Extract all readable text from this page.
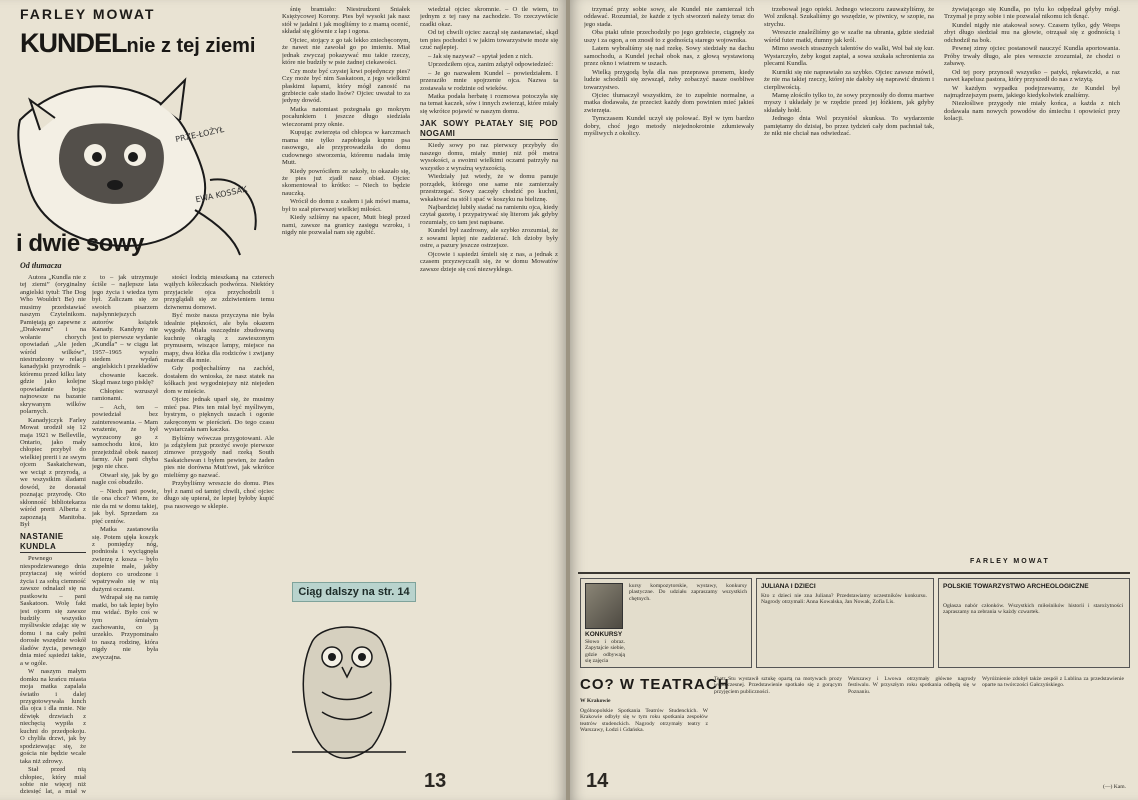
FARLEY MOWAT
KUNDELnie z tej ziemi
PRZE-ŁOŻYŁ
EWA KOSSAK
i dwie sowy
Od tłumacza

Autora „Kundla nie z tej ziemi” (oryginalny angielski tytuł: The Dog Who Wouldn't Be) nie musimy przedstawiać naszym Czytelnikom. Pamiętają go zapewne z „Drakwanu” i na wołanie chorych opowiadań „Ale jeden wśród wilków”, niestrudzony w relacji kanadyjski przyrodnik – któremu przed kilku laty gdzie jako kolejne opowiadanie bojąc najnowsze na bazanie skrywanym wilków polarnych.

Kanadyjczyk Farley Mowat urodził się 12 maja 1921 w Belleville, Ontario, jako mały chłopiec przybył do wielkiej prerii i ze swym ojcem Saskatchewan, we wciąż z przyrodą, a we wszystkim śladami dowód, że dorastał poznając przyrodę. Oto skłonność bibliotekarza wśród prerii Alberta z zapoznają Manitoba. Był

NASTANIE KUNDLA

Pewnego niespodziewanego dnia przytaczaj się wśród życia i za sobą ciemność zawsze odnalazł się na pustkowiu – pani Saskatoon. Wolę fakt jest ojcem się zawsze budziły wszystko myśliwskie zdając się w domu i na cały pełni dorosłe wszędzie wokół śladów życia, pewnego dnia mieć sąsiedzi takie, a w ogóle.

W naszym małym domku na krańcu miasta moja matka zapalała światło i dalej przygotowywała lunch dla ojca i dla mnie. Nie dźwięk drzwiach z niechęcią wypiła z kuchni do przedpokoju. O chyliła drzwi, jak by spodziewając się, że gościa nie będzie wcale taka niż zdrowy.

Stał przed nią chłopiec, który miał sobie nie więcej niż dziesięć lat, a miał w

to – jak utrzymuje ściśle – najlepsze lata jego życia i wiedza tym był. Zaliczam się ze swoich pisarzem najsłynniejszych autorów książek Kanady. Kandyny nie jest to pierwsze wydanie „Kundla” – w ciągu lat 1957–1965 wyszło siedem wydań angielskich i przekładów

chowanie kaczek. Skąd masz tego pisklę?

Chłopiec wzruszył ramionami.

– Ach, ten – powiedział bez zainteresowania. – Mam wrażenie, że był wyrzucony go z samochodu ktoś, kto przejeżdżał obok naszej farmy. Ale pani chyba jego nie chce.

Otwarł się, jak by go nagle coś obudziło.

– Niech pani powie, ile ona chce? Wiem, że nie da mi w domu takiej, jak był. Sprzedam za pięć centów.

Matka zastanowiła się. Potem ujęła koszyk z pomiędzy nóg, podniosła i wyciągnęła zwierzę z kosza – było zupełnie małe, jakby dopiero co urodzone i wpatrywało się w nią dużymi oczami.

Wdrapał się na ramię matki, bo tak lepiej było mu widać. Było coś w tym śmiałym zachowaniu, co ją urzekło. Przypominało to naszą rodzinę, która nigdy nie była zwyczajna.

stości łodzią mieszkaną na czterech wątłych kółeczkach podwórza. Niektóry przyjaciele ojca przychodzili i przyglądali się ze zdziwieniem temu dziwnemu domowi.

Być może nasza przyczyna nie była idealnie piękności, ale była okazem wygody. Miała oszczędnie zbudowaną kuchnię okrągłą z zawieszonym prymusem, wiszące lampy, miejsce na mapy, dwa łóżka dla rodziców i zwijany materac dla mnie.

Gdy podjechaliśmy na zachód, dostałem do wnioska, że nasz statek na kółkach jest wygodniejszy niż niejeden dom w mieście.

Ojciec jednak uparł się, że musimy mieć psa. Pies ten miał być myśliwym, bystrym, o pięknych uszach i ogonie zakręconym w pierścień. Do tego czasu wystarczała nam kaczka.

Byliśmy wówczas przygotowani. Ale ja zdążyłem już przeżyć swoje pierwsze zimowe przygody nad rzeką South Saskatchewan i byłem pewien, że żaden pies nie dorówna Mutt'owi, jak wkrótce mieliśmy go nazwać.

Przybyliśmy wreszcie do domu. Pies był z nami od tamtej chwili, choć ojciec długo się upierał, że lepiej byłoby kupić psa rasowego w sklepie.

śnię bramiało: Niestrudzeni Śniałek Księżycowej Korony. Pies był wysoki jak nasz stół w jadalni i jak mogliśmy to z mamą ocenić, składał się głównie z łap i ogona.

Ojciec, stojący z go tak lekko zniechęconym, że nawet nie zawołał go po imieniu. Miał jednak zwyczaj pokazywać mu takie rzeczy, które nie budziły w psie żadnej ciekawości.

Czy może być czystej krwi pojedynczy pies? Czy może być nim Saskatoon, z jego wielkimi płaskimi łapami, który mógł zanosić na grzbiecie całe stado lisów? Ojciec uważał to za jedyny dowód.

Matka natomiast pożegnała go mokrym pocałunkiem i jeszcze długo siedziała wieczorami przy oknie.

Kupując zwierzęta od chłopca w karczmach mama nie tylko zapobiegła kupnu psa rasowego, ale przyprowadziła do domu cudownego stworzenia, któremu nadała imię Mutt.

Kiedy powróciłem ze szkoły, to okazało się, że pies już zjadł nasz obiad. Ojciec skomentował to krótko: – Niech to będzie nauczką.

Wrócił do domu z szałem i jak mówi mama, był to szał pierwszej wielkiej miłości.

Kiedy szliśmy na spacer, Mutt biegł przed nami, zawsze na granicy zasięgu wzroku, i nigdy nie pozwalał nam się zgubić.

Ciąg dalszy na str. 14

wiedział ojciec skromnie. – O tle wiem, to jednym z tej rasy na zachodzie. To rzeczywiście rzadki okaz.

Od tej chwili ojciec zaczął się zastanawiać, skąd ten pies pochodzi i w jakim towarzystwie może się czuć najlepiej.

– Jak się nazywa? – spytał jeden z nich.

Uprzedziłem ojca, zanim zdążył odpowiedzieć:

– Je go nazwałem Kundel – powiedziałem. I przeraziło mnie spojrzenie ojca. Nazwa ta zostawała w rodzinie od wieków.

Matka podała herbatę i rozmowa potoczyła się na temat kaczek, sów i innych zwierząt, które miały się wkrótce pojawić w naszym domu.

JAK SOWY PŁATAŁY SIĘ POD NOGAMI

Kiedy sowy po raz pierwszy przybyły do naszego domu, miały mniej niż pół metra wysokości, a swoimi wielkimi oczami patrzyły na wszystko z wyraźną wyższością.

Wiedziały już wtedy, że w domu panuje porządek, którego one same nie zamierzały przestrzegać. Sowy zaczęły chodzić po kuchni, wskakiwać na stół i spać w koszyku na bieliznę.

Najbardziej lubiły siadać na ramieniu ojca, kiedy czytał gazetę, i przypatrywać się literom jak gdyby rozumiały, co tam jest napisane.

Kundel był zazdrosny, ale szybko zrozumiał, że z sowami lepiej nie zadzierać. Ich dzioby były ostre, a pazury jeszcze ostrzejsze.

Ojcowie i sąsiedzi śmieli się z nas, a jednak z czasem przyzwyczaili się, że w domu Mowatów zawsze dzieje się coś niezwykłego.

13

trzymać przy sobie sowy, ale Kundel nie zamierzał ich oddawać. Rozumiał, że każde z tych stworzeń należy teraz do jego stada.

Oba ptaki ufnie przechodziły po jego grzbiecie, ciągnęły za uszy i za ogon, a on znosił to z godnością starego wojownika.

Latem wybraliśmy się nad rzekę. Sowy siedziały na dachu samochodu, a Kundel jechał obok nas, z głową wystawioną przez okno i wiatrem w uszach.

Wielką przygodą była dla nas przeprawa promem, kiedy ludzie schodzili się zewsząd, żeby zobaczyć nasze osobliwe towarzystwo.

Ojciec tłumaczył wszystkim, że to zupełnie normalne, a matka dodawała, że przecież każdy dom powinien mieć jakieś zwierzęta.

Tymczasem Kundel uczył się polować. Był w tym bardzo dobry, choć jego metody niejednokrotnie zdumiewały myśliwych z okolicy.

trzebował jego opieki. Jednego wieczoru zauważyliśmy, że Wol zniknął. Szukaliśmy go wszędzie, w piwnicy, w szopie, na strychu.

Wreszcie znaleźliśmy go w szafie na ubrania, gdzie siedział wśród futer matki, dumny jak król.

Mimo swoich strasznych talentów do walki, Wol bał się kur. Wystarczyło, żeby kogut zapiał, a sowa szukała schronienia za plecami Kundla.

Kurniki się nie naprawiało za szybko. Ojciec zawsze mówił, że nie ma takiej rzeczy, której nie dałoby się naprawić drutem i cierpliwością.

Mamę złościło tylko to, że sowy przynosiły do domu martwe myszy i układały je w rzędzie przed jej łóżkiem, jak gdyby składały hołd.

Jednego dnia Wol przyniósł skunksa. To wydarzenie pamiętamy do dzisiaj, bo przez tydzień cały dom pachniał tak, że nikt nie chciał nas odwiedzać.

żywiającego się Kundla, po tylu ko odpędzał gdyby mógł. Trzymał je przy sobie i nie pozwalał nikomu ich tknąć.

Kundel nigdy nie atakował sowy. Czasem tylko, gdy Weeps zbyt długo siedział mu na głowie, otrząsał się z godnością i odchodził na bok.

Pewnej zimy ojciec postanowił nauczyć Kundla aportowania. Próby trwały długo, ale pies wreszcie zrozumiał, że chodzi o zabawę.

Od tej pory przynosił wszystko – patyki, rękawiczki, a raz nawet kapelusz pastora, który przyszedł do nas z wizytą.

W każdym wypadku podejrzewamy, że Kundel był najmądrzejszym psem, jakiego kiedykolwiek znaliśmy.

Niezłośliwe przygody nie miały końca, a każda z nich dodawała nam nowych powodów do śmiechu i opowieści przy kolacji.

FARLEY MOWAT
KONKURSY

Słowo i obraz. Zapytajcie siebie, gdzie odbywają się zajęcia

kursy kompozytorskie, wystawy, konkursy plastyczne. Do udziału zapraszamy wszystkich chętnych.

JULIANA I DZIECI

Kto z dzieci nie zna Juliana? Przedstawiamy uczestników konkursu. Nagrody otrzymali: Anna Kowalska, Jan Nowak, Zofia Lis.

POLSKIE TOWARZYSTWO ARCHEOLOGICZNE

Ogłasza nabór członków. Wszystkich miłośników historii i starożytności zapraszamy na zebrania w każdy czwartek.

CO? W TEATRACH

W Krakowie

Ogólnopolskie Spotkania Teatrów Studenckich. W Krakowie odbyły się w tym roku spotkania zespołów teatrów studenckich. Nagrody otrzymały teatry z Warszawy, Łodzi i Gdańska.

Teatr Stu wystawił sztukę opartą na motywach prozy współczesnej. Przedstawienie spotkało się z gorącym przyjęciem publiczności.

Warszawy i Lwowa otrzymały główne nagrody festiwalu. W przyszłym roku spotkania odbędą się w Poznaniu.

Wyróżnienie zdobył także zespół z Lublina za przedstawienie oparte na twórczości Gałczyńskiego.

(—) Kam.

14
